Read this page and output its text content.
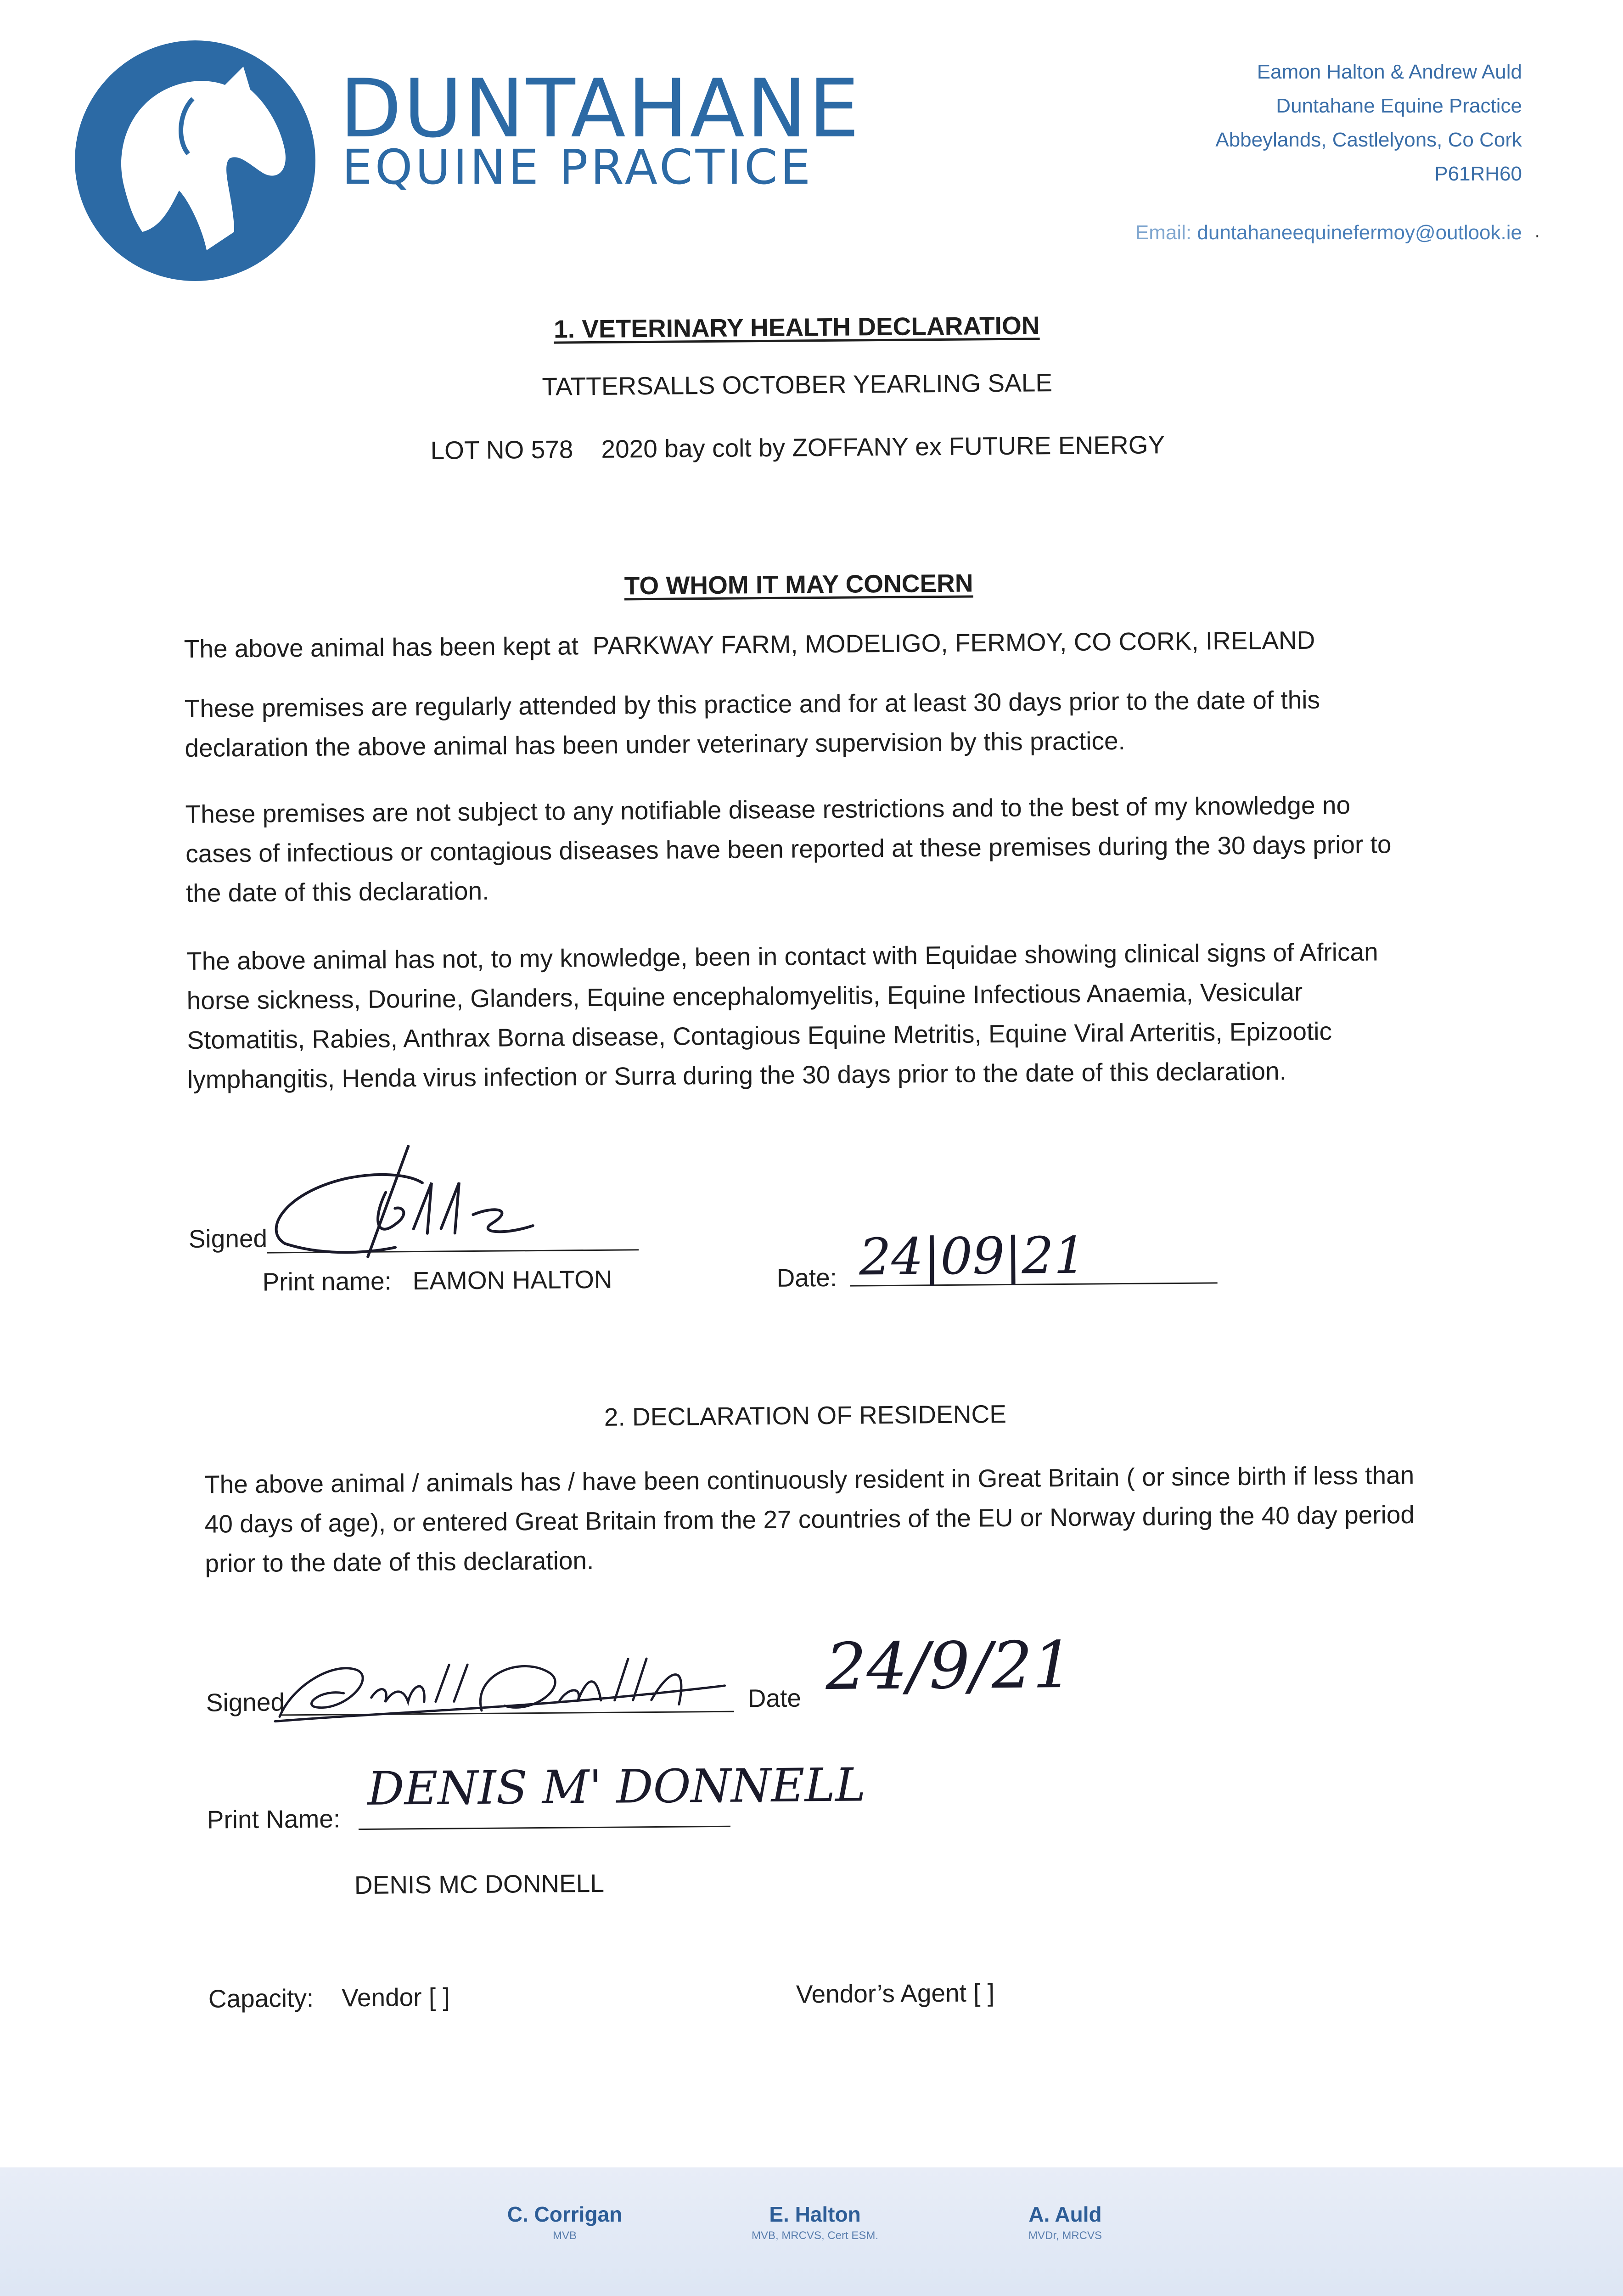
DUNTAHANE
EQUINE PRACTICE
Eamon Halton & Andrew Auld
Duntahane Equine Practice
Abbeylands, Castlelyons, Co Cork
P61RH60
Email: duntahaneequinefermoy@outlook.ie ·
1. VETERINARY HEALTH DECLARATION
TATTERSALLS OCTOBER YEARLING SALE
LOT NO 578 2020 bay colt by ZOFFANY ex FUTURE ENERGY
TO WHOM IT MAY CONCERN
The above animal has been kept at PARKWAY FARM, MODELIGO, FERMOY, CO CORK, IRELAND
These premises are regularly attended by this practice and for at least 30 days prior to the date of this declaration the above animal has been under veterinary supervision by this practice.
These premises are not subject to any notifiable disease restrictions and to the best of my knowledge no cases of infectious or contagious diseases have been reported at these premises during the 30 days prior to the date of this declaration.
The above animal has not, to my knowledge, been in contact with Equidae showing clinical signs of African horse sickness, Dourine, Glanders, Equine encephalomyelitis, Equine Infectious Anaemia, Vesicular Stomatitis, Rabies, Anthrax Borna disease, Contagious Equine Metritis, Equine Viral Arteritis, Epizootic lymphangitis, Henda virus infection or Surra during the 30 days prior to the date of this declaration.
Signed
Print name: EAMON HALTON	Date: 24|09|21
2. DECLARATION OF RESIDENCE
The above animal / animals has / have been continuously resident in Great Britain ( or since birth if less than 40 days of age), or entered Great Britain from the 27 countries of the EU or Norway during the 40 day period prior to the date of this declaration.
Signed	Date 24/9/21
Print Name:
DENIS M' DONNELL
DENIS MC DONNELL
Capacity: Vendor [ ]	Vendor’s Agent [ ]
C. Corrigan
MVB
E. Halton
MVB, MRCVS, Cert ESM.
A. Auld
MVDr, MRCVS
